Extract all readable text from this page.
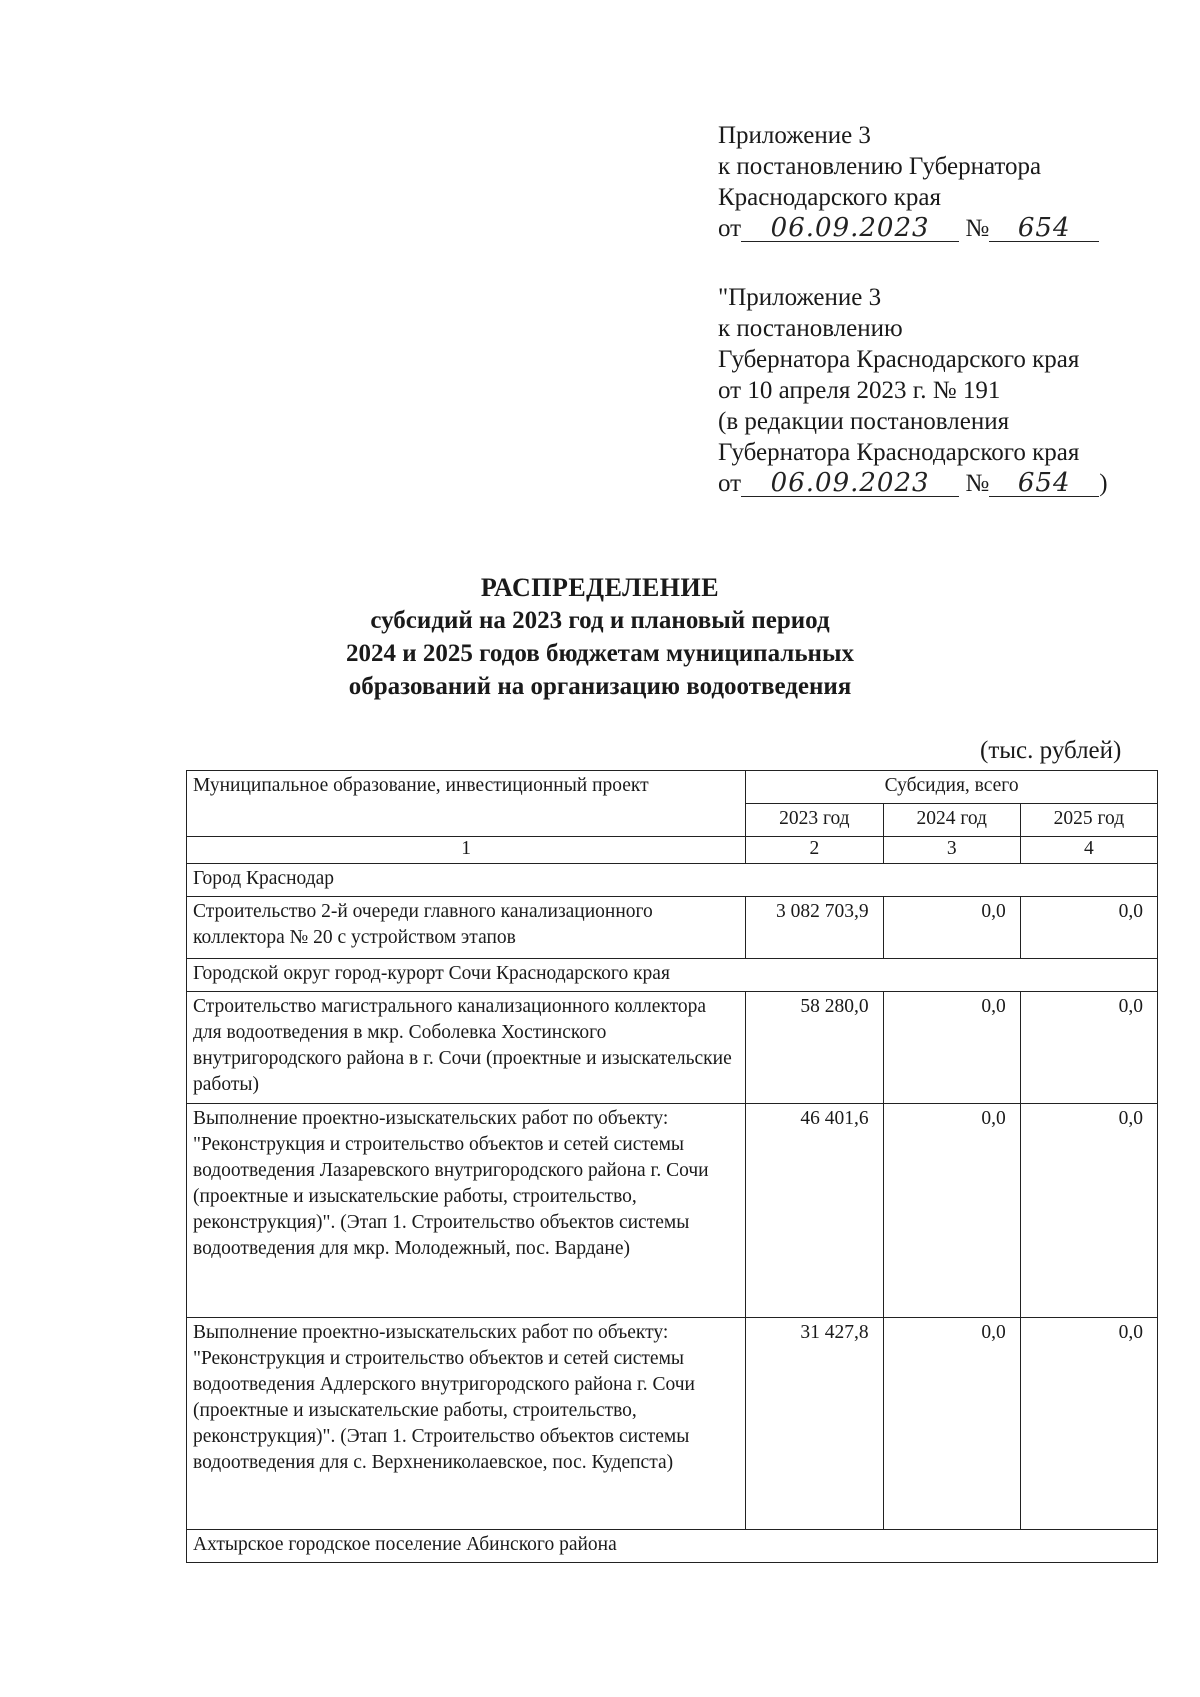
Приложение 3
к постановлению Губернатора
Краснодарского края
от 06.09.2023 № 654
"Приложение 3
к постановлению
Губернатора Краснодарского края
от 10 апреля 2023 г. № 191
(в редакции постановления
Губернатора Краснодарского края
от 06.09.2023 № 654 )
РАСПРЕДЕЛЕНИЕ
субсидий на 2023 год и плановый период
2024 и 2025 годов бюджетам муниципальных
образований на организацию водоотведения
(тыс. рублей)
Муниципальное образование, инвестиционный проект	Субсидия, всего		
	2023 год	2024 год	2025 год
1	2	3	4
Город Краснодар			
Строительство 2-й очереди главного канализационного коллектора № 20 с устройством этапов	3 082 703,9	0,0	0,0
Городской округ город-курорт Сочи Краснодарского края			
Строительство магистрального канализационного коллектора для водоотведения в мкр. Соболевка Хостинского внутригородского района в г. Сочи (проектные и изыскательские работы)	58 280,0	0,0	0,0
Выполнение проектно-изыскательских работ по объекту: "Реконструкция и строительство объектов и сетей системы водоотведения Лазаревского внутригородского района г. Сочи (проектные и изыскательские работы, строительство, реконструкция)". (Этап 1. Строительство объектов системы водоотведения для мкр. Молодежный, пос. Вардане)	46 401,6	0,0	0,0
Выполнение проектно-изыскательских работ по объекту: "Реконструкция и строительство объектов и сетей системы водоотведения Адлерского внутригородского района г. Сочи (проектные и изыскательские работы, строительство, реконструкция)". (Этап 1. Строительство объектов системы водоотведения для с. Верхнениколаевское, пос. Кудепста)	31 427,8	0,0	0,0
Ахтырское городское поселение Абинского района			
